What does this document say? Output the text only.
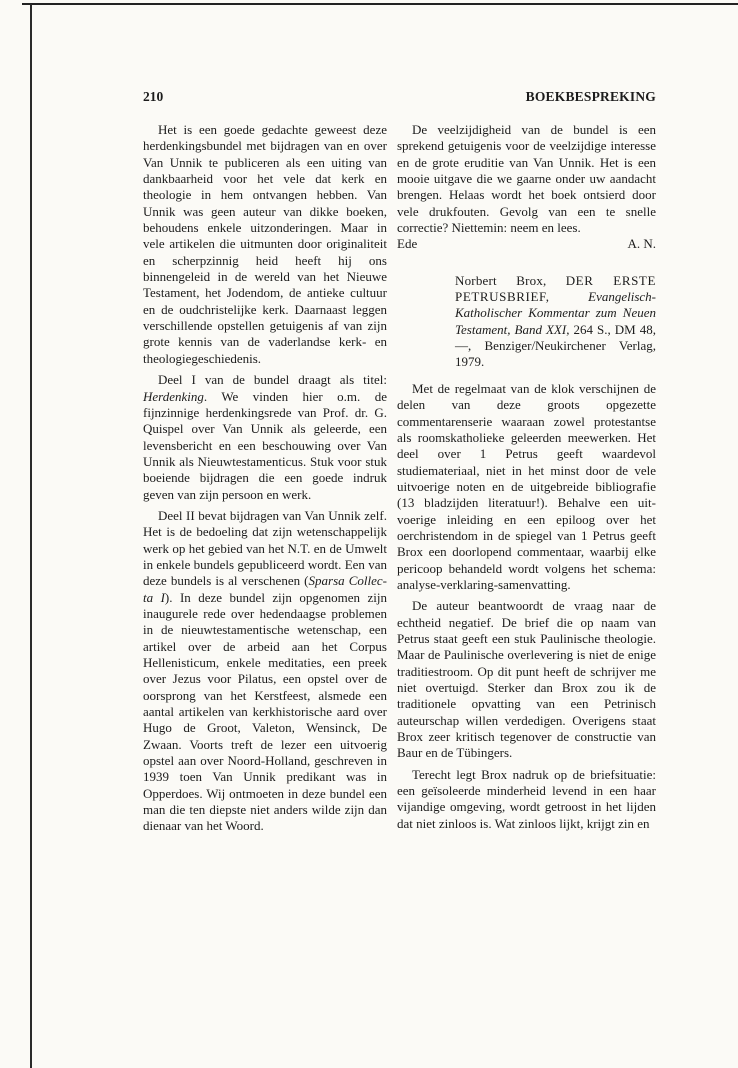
210	BOEKBESPREKING

Het is een goede gedachte geweest deze herdenkingsbundel met bijdragen van en over Van Unnik te publiceren als een uiting van dankbaarheid voor het vele dat kerk en theologie in hem ontvangen hebben. Van Unnik was geen auteur van dikke boeken, behoudens enkele uitzonderingen. Maar in vele artikelen die uitmunten door originaliteit en scherpzinnig heid heeft hij ons binnengeleid in de wereld van het Nieuwe Testament, het Jodendom, de antieke cultuur en de oudchristelijke kerk. Daarnaast leggen verschillende opstellen getuigenis af van zijn grote kennis van de vaderlandse kerk- en theologiegeschiedenis.

Deel I van de bundel draagt als titel: Herdenking. We vinden hier o.m. de fijnzinnige herdenkingsrede van Prof. dr. G. Quispel over Van Unnik als geleerde, een levensbericht en een beschouwing over Van Unnik als Nieuwtestamenticus. Stuk voor stuk boeiende bijdragen die een goede indruk geven van zijn persoon en werk.

Deel II bevat bijdragen van Van Unnik zelf. Het is de bedoeling dat zijn wetenschappelijk werk op het gebied van het N.T. en de Umwelt in enkele bundels gepubliceerd wordt. Een van deze bundels is al verschenen (Sparsa Collecta I). In deze bundel zijn opgenomen zijn inaugurele rede over hedendaagse problemen in de nieuwtestamentische wetenschap, een artikel over de arbeid aan het Corpus Hellenisticum, enkele meditaties, een preek over Jezus voor Pilatus, een opstel over de oorsprong van het Kerstfeest, alsmede een aantal artikelen van kerkhistorische aard over Hugo de Groot, Valeton, Wensinck, De Zwaan. Voorts treft de lezer een uitvoerig opstel aan over Noord-Holland, geschreven in 1939 toen Van Unnik predikant was in Opperdoes. Wij ontmoeten in deze bundel een man die ten diepste niet anders wilde zijn dan dienaar van het Woord.

De veelzijdigheid van de bundel is een sprekend getuigenis voor de veelzijdige interesse en de grote eruditie van Van Unnik. Het is een mooie uitgave die we gaarne onder uw aandacht brengen. Helaas wordt het boek ontsierd door vele drukfouten. Gevolg van een te snelle correctie? Niettemin: neem en lees.

Ede	A. N.
Norbert Brox, DER ERSTE PETRUSBRIEF,	Evangelisch-Katholischer Kommentar zum Neuen Testament, Band XXI, 264 S., DM 48,—, Benziger/Neukirchener Verlag, 1979.

Met de regelmaat van de klok verschijnen de delen van deze groots opgezette commentarenserie waaraan zowel protestantse als roomskatholieke geleerden meewerken. Het deel over 1 Petrus geeft waardevol studiemateriaal, niet in het minst door de vele uitvoerige noten en de uitgebreide bibliografie (13 bladzijden literatuur!). Behalve een uitvoerige inleiding en een epiloog over het oerchristendom in de spiegel van 1 Petrus geeft Brox een doorlopend commentaar, waarbij elke pericoop behandeld wordt volgens het schema: analyse-verklaring-samenvatting.

De auteur beantwoordt de vraag naar de echtheid negatief. De brief die op naam van Petrus staat geeft een stuk Paulinische theologie. Maar de Paulinische overlevering is niet de enige traditiestroom. Op dit punt heeft de schrijver me niet overtuigd. Sterker dan Brox zou ik de traditionele opvatting van een Petrinisch auteurschap willen verdedigen. Overigens staat Brox zeer kritisch tegenover de constructie van Baur en de Tübingers.

Terecht legt Brox nadruk op de briefsituatie: een geïsoleerde minderheid levend in een haar vijandige omgeving, wordt getroost in het lijden dat niet zinloos is. Wat zinloos lijkt, krijgt zin en
